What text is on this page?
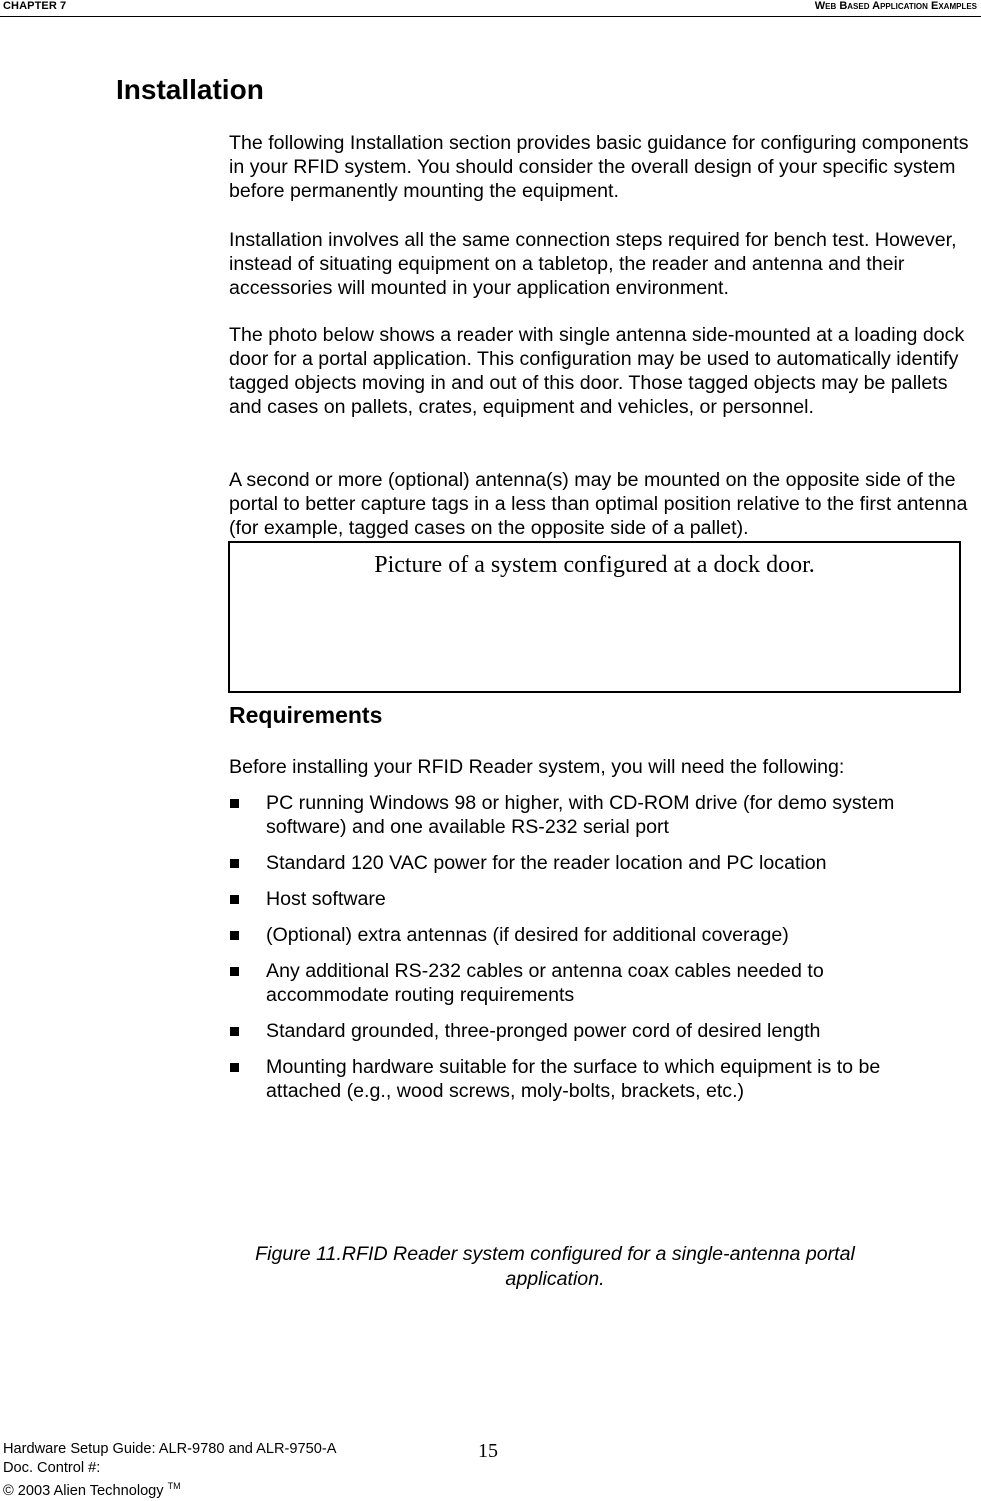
CHAPTER 7	Web Based Application Examples
Installation

The following Installation section provides basic guidance for configuring components in your RFID system. You should consider the overall design of your specific system before permanently mounting the equipment.

Installation involves all the same connection steps required for bench test. However, instead of situating equipment on a tabletop, the reader and antenna and their accessories will mounted in your application environment.

The photo below shows a reader with single antenna side-mounted at a loading dock door for a portal application. This configuration may be used to automatically identify tagged objects moving in and out of this door. Those tagged objects may be pallets and cases on pallets, crates, equipment and vehicles, or personnel.

A second or more (optional) antenna(s) may be mounted on the opposite side of the portal to better capture tags in a less than optimal position relative to the first antenna (for example, tagged cases on the opposite side of a pallet).

Picture of a system configured at a dock door.
Requirements

Before installing your RFID Reader system, you will need the following:

PC running Windows 98 or higher, with CD-ROM drive (for demo system software) and one available RS-232 serial port
Standard 120 VAC power for the reader location and PC location
Host software
(Optional) extra antennas (if desired for additional coverage)
Any additional RS-232 cables or antenna coax cables needed to accommodate routing requirements
Standard grounded, three-pronged power cord of desired length
Mounting hardware suitable for the surface to which equipment is to be attached (e.g., wood screws, moly-bolts, brackets, etc.)
Figure 11.RFID Reader system configured for a single-antenna portal application.
Hardware Setup Guide: ALR-9780 and ALR-9750-A
Doc. Control #:
© 2003 Alien Technology ™
15
